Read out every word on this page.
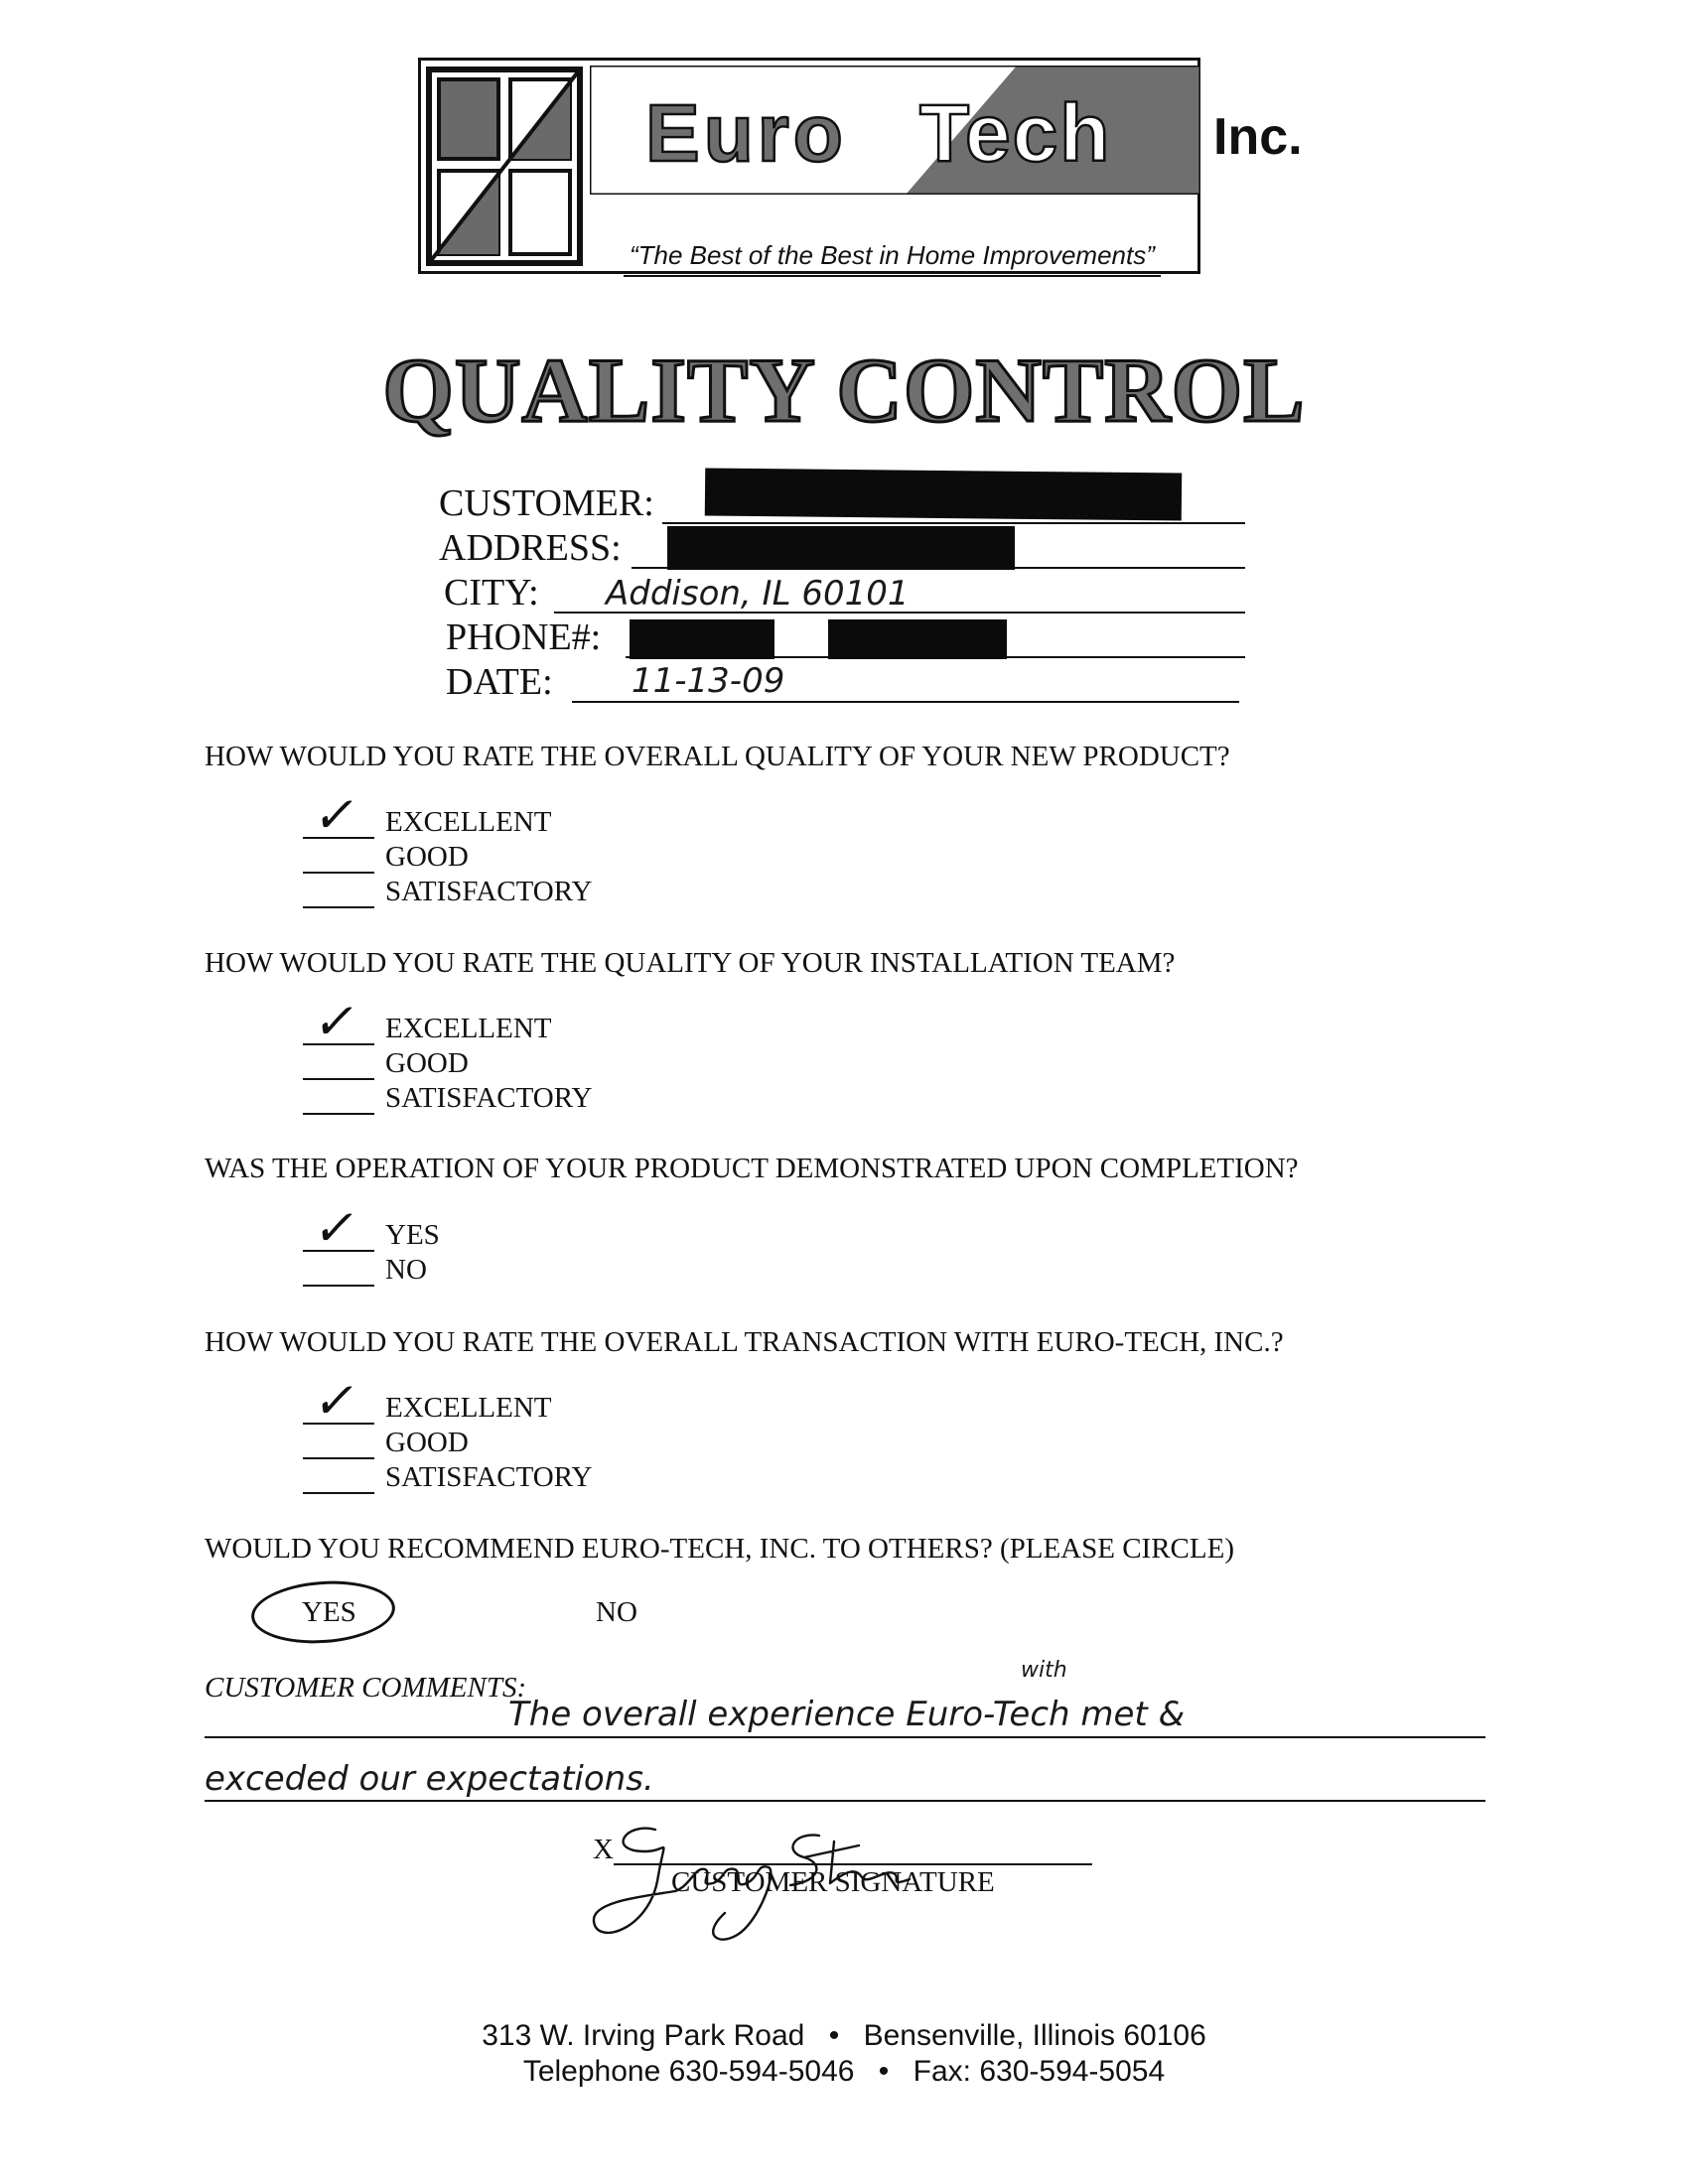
Euro Tech Inc.
“The Best of the Best in Home Improvements”
QUALITY CONTROL
CUSTOMER:
ADDRESS:
CITY: Addison, IL 60101
PHONE#:
DATE: 11-13-09
HOW WOULD YOU RATE THE OVERALL QUALITY OF YOUR NEW PRODUCT?
✓ EXCELLENT
GOOD
SATISFACTORY
HOW WOULD YOU RATE THE QUALITY OF YOUR INSTALLATION TEAM?
✓ EXCELLENT
GOOD
SATISFACTORY
WAS THE OPERATION OF YOUR PRODUCT DEMONSTRATED UPON COMPLETION?
✓ YES
NO
HOW WOULD YOU RATE THE OVERALL TRANSACTION WITH EURO-TECH, INC.?
✓ EXCELLENT
GOOD
SATISFACTORY
WOULD YOU RECOMMEND EURO-TECH, INC. TO OTHERS? (PLEASE CIRCLE)
YES	NO
CUSTOMER COMMENTS:
with
The overall experience Euro-Tech met &
exceded our expectations.
X
CUSTOMER SIGNATURE
313 W. Irving Park Road • Bensenville, Illinois 60106
Telephone 630-594-5046 • Fax: 630-594-5054
